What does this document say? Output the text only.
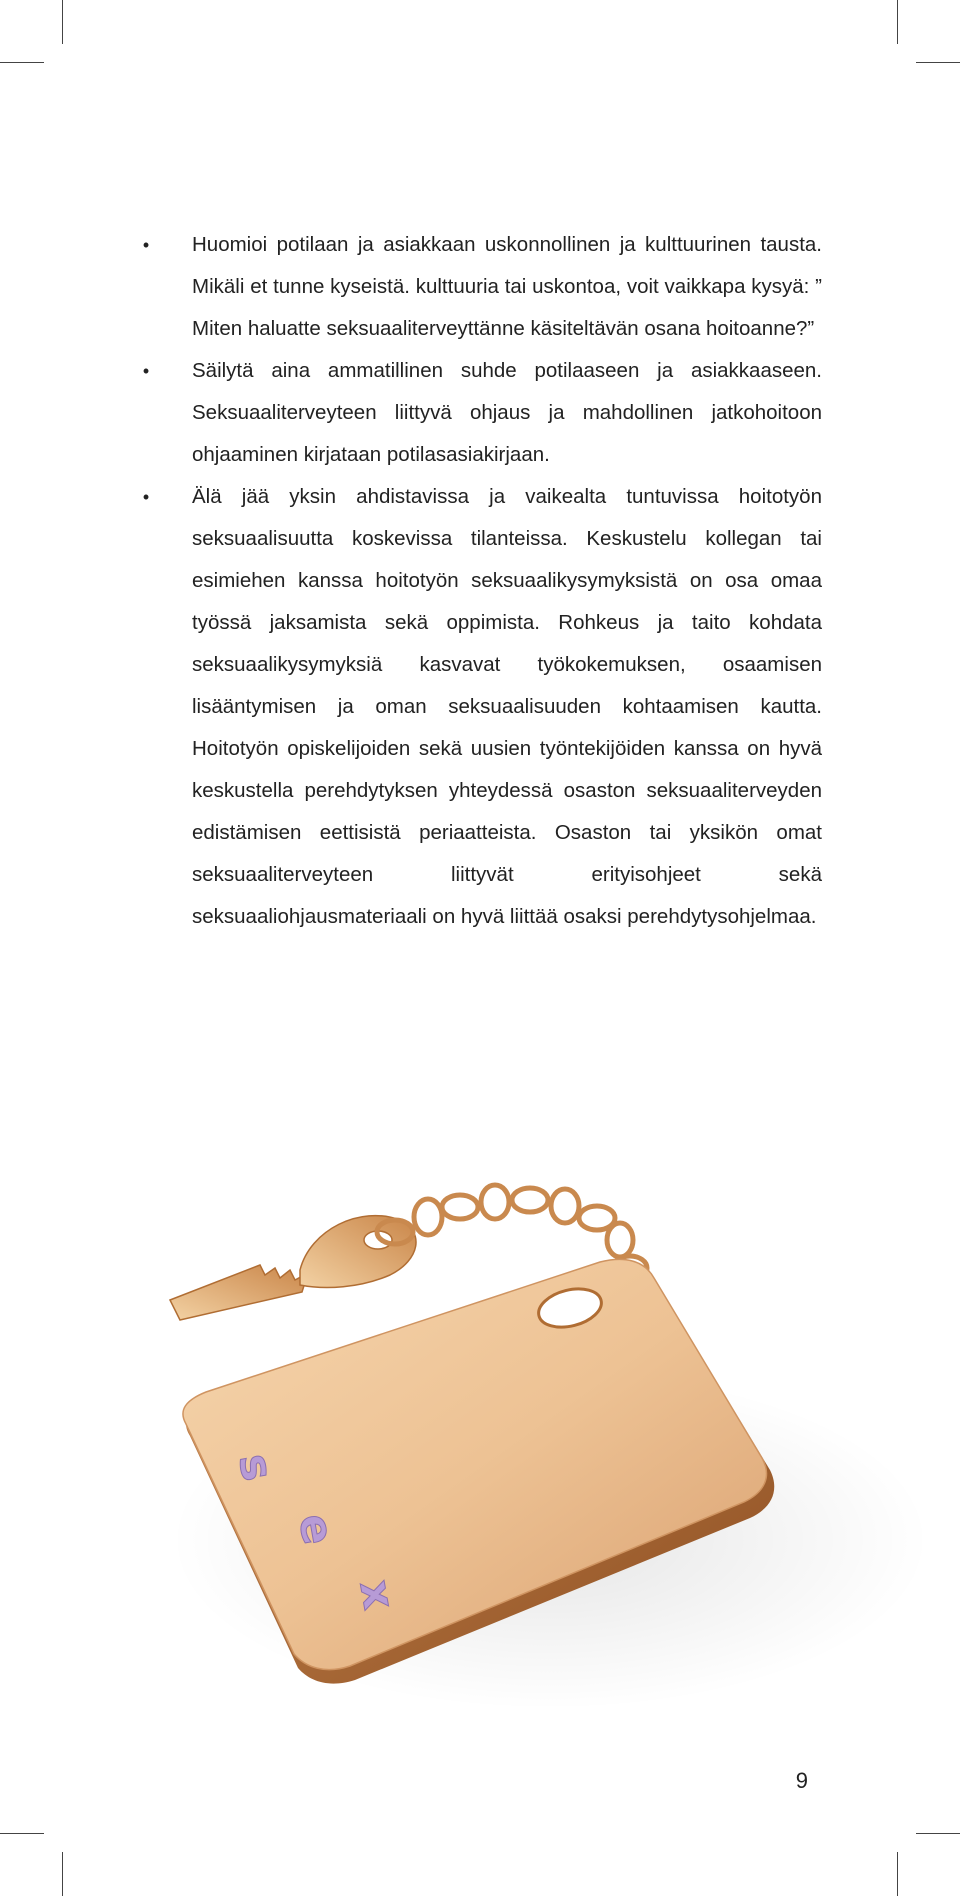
• Huomioi potilaan ja asiakkaan uskonnollinen ja kulttuurinen tausta. Mikäli et tunne kyseistä. kulttuuria tai uskontoa, voit vaikkapa kysyä: ” Miten haluatte seksuaaliterveyttänne käsiteltävän osana hoitoanne?”
• Säilytä aina ammatillinen suhde potilaaseen ja asiakkaaseen. Seksuaaliterveyteen liittyvä ohjaus ja mahdollinen jatkohoitoon ohjaaminen kirjataan potilasasiakirjaan.
• Älä jää yksin ahdistavissa ja vaikealta tuntuvissa hoitotyön seksuaalisuutta koskevissa tilanteissa. Keskustelu kollegan tai esimiehen kanssa hoitotyön seksuaalikysymyksistä on osa omaa työssä jaksamista sekä oppimista. Rohkeus ja taito kohdata seksuaalikysymyksiä kasvavat työkokemuksen, osaamisen lisääntymisen ja oman seksuaalisuuden kohtaamisen kautta. Hoitotyön opiskelijoiden sekä uusien työntekijöiden kanssa on hyvä keskustella perehdytyksen yhteydessä osaston seksuaaliterveyden edistämisen eettisistä periaatteista. Osaston tai yksikön omat seksuaaliterveyteen liittyvät erityisohjeet sekä seksuaaliohjausmateriaali on hyvä liittää osaksi perehdytysohjelmaa.
s
e
x
9
